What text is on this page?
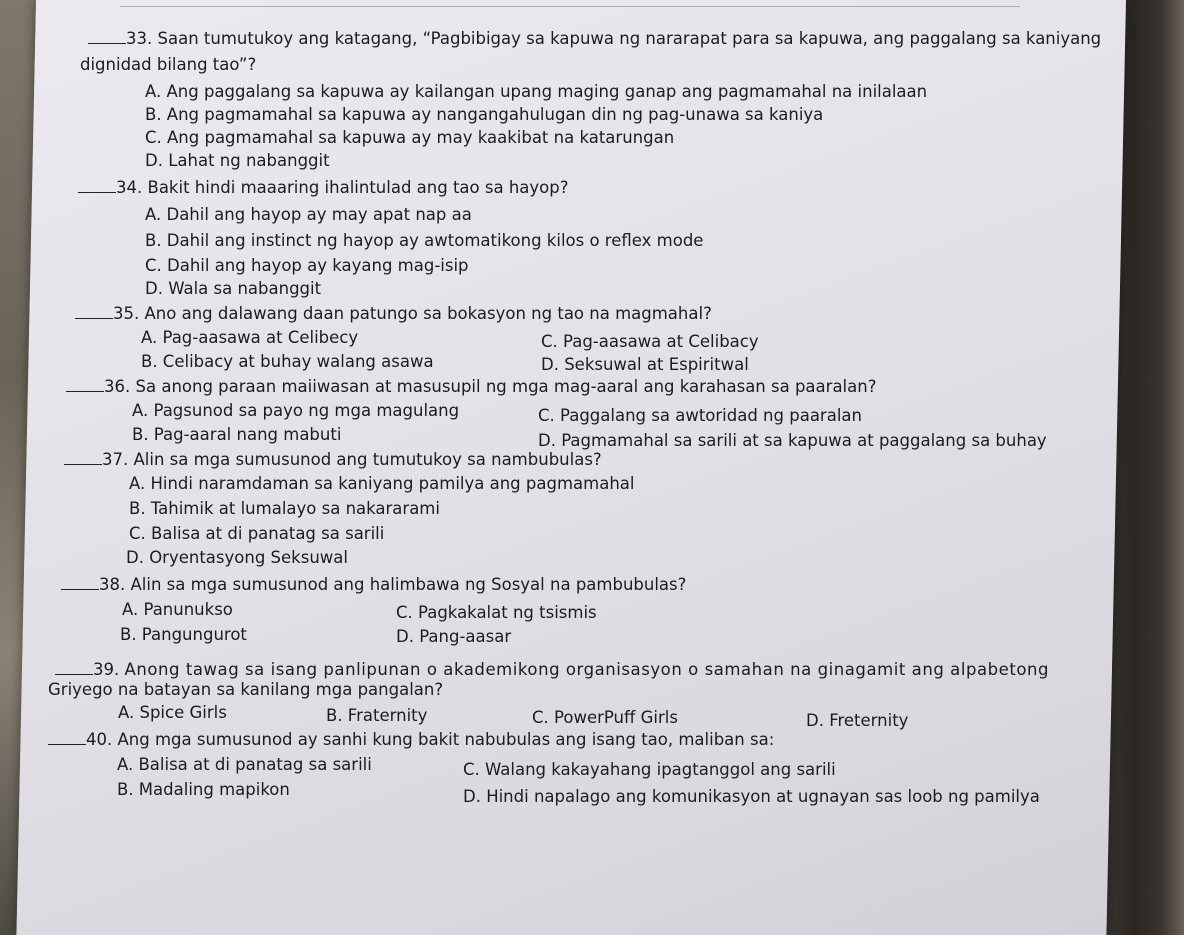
33. Saan tumutukoy ang katagang, “Pagbibigay sa kapuwa ng nararapat para sa kapuwa, ang paggalang sa kaniyang
dignidad bilang tao”?
A. Ang paggalang sa kapuwa ay kailangan upang maging ganap ang pagmamahal na inilalaan
B. Ang pagmamahal sa kapuwa ay nangangahulugan din ng pag-unawa sa kaniya
C. Ang pagmamahal sa kapuwa ay may kaakibat na katarungan
D. Lahat ng nabanggit
34. Bakit hindi maaaring ihalintulad ang tao sa hayop?
A. Dahil ang hayop ay may apat nap aa
B. Dahil ang instinct ng hayop ay awtomatikong kilos o reflex mode
C. Dahil ang hayop ay kayang mag-isip
D. Wala sa nabanggit
35. Ano ang dalawang daan patungo sa bokasyon ng tao na magmahal?
A. Pag-aasawa at Celibecy	C. Pag-aasawa at Celibacy
B. Celibacy at buhay walang asawa	D. Seksuwal at Espiritwal
36. Sa anong paraan maiiwasan at masusupil ng mga mag-aaral ang karahasan sa paaralan?
A. Pagsunod sa payo ng mga magulang	C. Paggalang sa awtoridad ng paaralan
B. Pag-aaral nang mabuti	D. Pagmamahal sa sarili at sa kapuwa at paggalang sa buhay
37. Alin sa mga sumusunod ang tumutukoy sa nambubulas?
A. Hindi naramdaman sa kaniyang pamilya ang pagmamahal
B. Tahimik at lumalayo sa nakararami
C. Balisa at di panatag sa sarili
D. Oryentasyong Seksuwal
38. Alin sa mga sumusunod ang halimbawa ng Sosyal na pambubulas?
A. Panunukso	C. Pagkakalat ng tsismis
B. Pangungurot	D. Pang-aasar
39. Anong tawag sa isang panlipunan o akademikong organisasyon o samahan na ginagamit ang alpabetong
Griyego na batayan sa kanilang mga pangalan?
A. Spice Girls	B. Fraternity	C. PowerPuff Girls	D. Freternity
40. Ang mga sumusunod ay sanhi kung bakit nabubulas ang isang tao, maliban sa:
A. Balisa at di panatag sa sarili	C. Walang kakayahang ipagtanggol ang sarili
B. Madaling mapikon	D. Hindi napalago ang komunikasyon at ugnayan sas loob ng pamilya
